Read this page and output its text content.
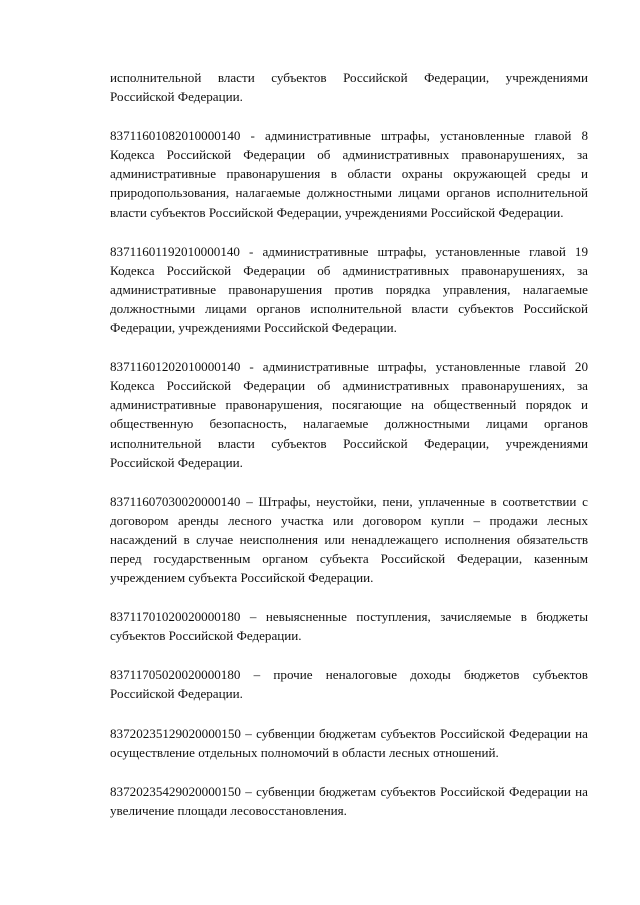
исполнительной власти субъектов Российской Федерации, учреждениями Российской Федерации.

83711601082010000140 - административные штрафы, установленные главой 8 Кодекса Российской Федерации об административных правонарушениях, за административные правонарушения в области охраны окружающей среды и природопользования, налагаемые должностными лицами органов исполнительной власти субъектов Российской Федерации, учреждениями Российской Федерации.

83711601192010000140 - административные штрафы, установленные главой 19 Кодекса Российской Федерации об административных правонарушениях, за административные правонарушения против порядка управления, налагаемые должностными лицами органов исполнительной власти субъектов Российской Федерации, учреждениями Российской Федерации.

83711601202010000140 - административные штрафы, установленные главой 20 Кодекса Российской Федерации об административных правонарушениях, за административные правонарушения, посягающие на общественный порядок и общественную безопасность, налагаемые должностными лицами органов исполнительной власти субъектов Российской Федерации, учреждениями Российской Федерации.

83711607030020000140 – Штрафы, неустойки, пени, уплаченные в соответствии с договором аренды лесного участка или договором купли – продажи лесных насаждений в случае неисполнения или ненадлежащего исполнения обязательств перед государственным органом субъекта Российской Федерации, казенным учреждением субъекта Российской Федерации.

83711701020020000180 – невыясненные поступления, зачисляемые в бюджеты субъектов Российской Федерации.

83711705020020000180 – прочие неналоговые доходы бюджетов субъектов Российской Федерации.

83720235129020000150 – субвенции бюджетам субъектов Российской Федерации на осуществление отдельных полномочий в области лесных отношений.

83720235429020000150 – субвенции бюджетам субъектов Российской Федерации на увеличение площади лесовосстановления.
